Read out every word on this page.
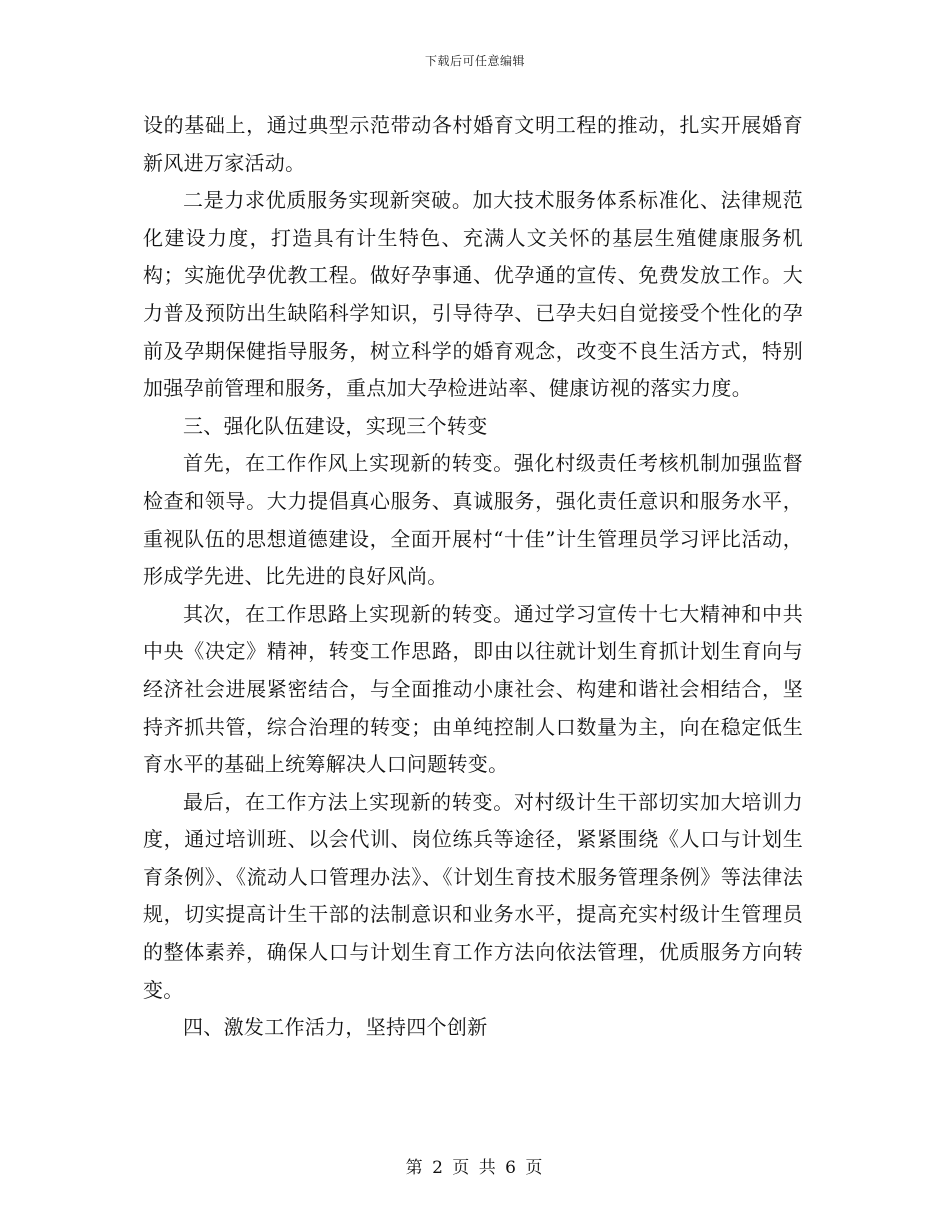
下载后可任意编辑

设的基础上，通过典型示范带动各村婚育文明工程的推动，扎实开展婚育新风进万家活动。

二是力求优质服务实现新突破。加大技术服务体系标准化、法律规范化建设力度，打造具有计生特色、充满人文关怀的基层生殖健康服务机构；实施优孕优教工程。做好孕事通、优孕通的宣传、免费发放工作。大力普及预防出生缺陷科学知识，引导待孕、已孕夫妇自觉接受个性化的孕前及孕期保健指导服务，树立科学的婚育观念，改变不良生活方式，特别加强孕前管理和服务，重点加大孕检进站率、健康访视的落实力度。

三、强化队伍建设，实现三个转变

首先，在工作作风上实现新的转变。强化村级责任考核机制加强监督检查和领导。大力提倡真心服务、真诚服务，强化责任意识和服务水平，重视队伍的思想道德建设，全面开展村“十佳”计生管理员学习评比活动，形成学先进、比先进的良好风尚。

其次，在工作思路上实现新的转变。通过学习宣传十七大精神和中共中央《决定》精神，转变工作思路，即由以往就计划生育抓计划生育向与经济社会进展紧密结合，与全面推动小康社会、构建和谐社会相结合，坚持齐抓共管，综合治理的转变；由单纯控制人口数量为主，向在稳定低生育水平的基础上统筹解决人口问题转变。

最后，在工作方法上实现新的转变。对村级计生干部切实加大培训力度，通过培训班、以会代训、岗位练兵等途径，紧紧围绕《人口与计划生育条例》、《流动人口管理办法》、《计划生育技术服务管理条例》等法律法规，切实提高计生干部的法制意识和业务水平，提高充实村级计生管理员的整体素养，确保人口与计划生育工作方法向依法管理，优质服务方向转变。

四、激发工作活力，坚持四个创新

第 2 页 共 6 页
